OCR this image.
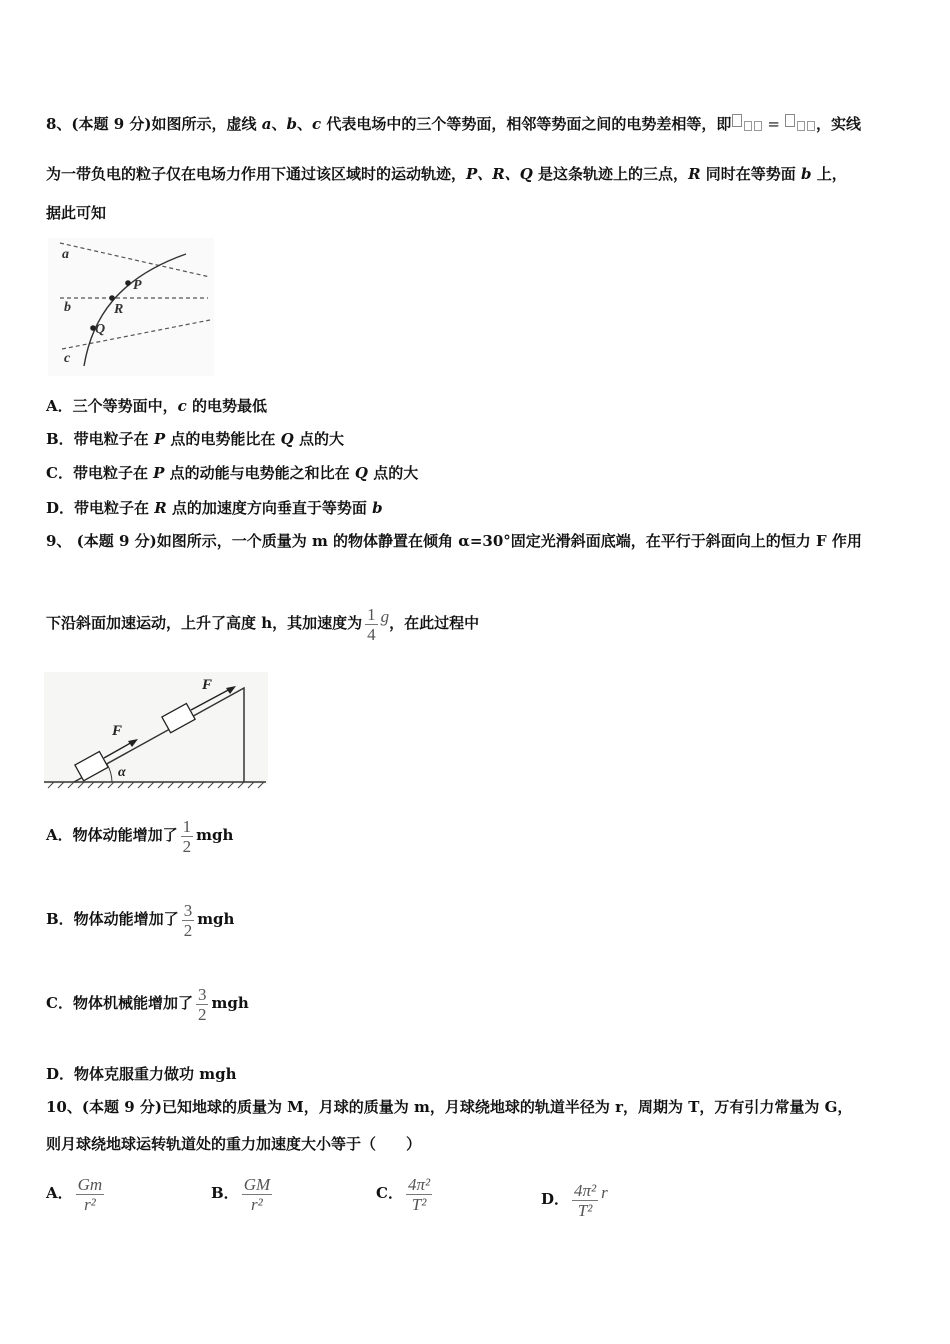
8、(本题 9 分)如图所示，虚线 a、b、c 代表电场中的三个等势面，相邻等势面之间的电势差相等，即 = ，实线
为一带负电的粒子仅在电场力作用下通过该区域时的运动轨迹，P、R、Q 是这条轨迹上的三点，R 同时在等势面 b 上，
据此可知
a
b
c
P
R
Q
A．三个等势面中，c 的电势最低
B．带电粒子在 P 点的电势能比在 Q 点的大
C．带电粒子在 P 点的动能与电势能之和比在 Q 点的大
D．带电粒子在 R 点的加速度方向垂直于等势面 b
9、 (本题 9 分)如图所示，一个质量为 m 的物体静置在倾角 α=30°固定光滑斜面底端，在平行于斜面向上的恒力 F 作用
下沿斜面加速运动，上升了高度 h，其加速度为 $\frac{1}{4}$ g，在此过程中
F
F
α
A．物体动能增加了 $\frac{1}{2}$ mgh
B．物体动能增加了 $\frac{3}{2}$ mgh
C．物体机械能增加了 $\frac{3}{2}$ mgh
D．物体克服重力做功 mgh
10、(本题 9 分)已知地球的质量为 M，月球的质量为 m，月球绕地球的轨道半径为 r，周期为 T，万有引力常量为 G，
则月球绕地球运转轨道处的重力加速度大小等于（　　）
A． $\frac{Gm}{\text{r²}}$	B． $\frac{GM}{\text{r²}}$	C． $\frac{\text{4π²}}{\text{T²}}$	D． $\frac{\text{4π²}}{\text{T²}}$ r
